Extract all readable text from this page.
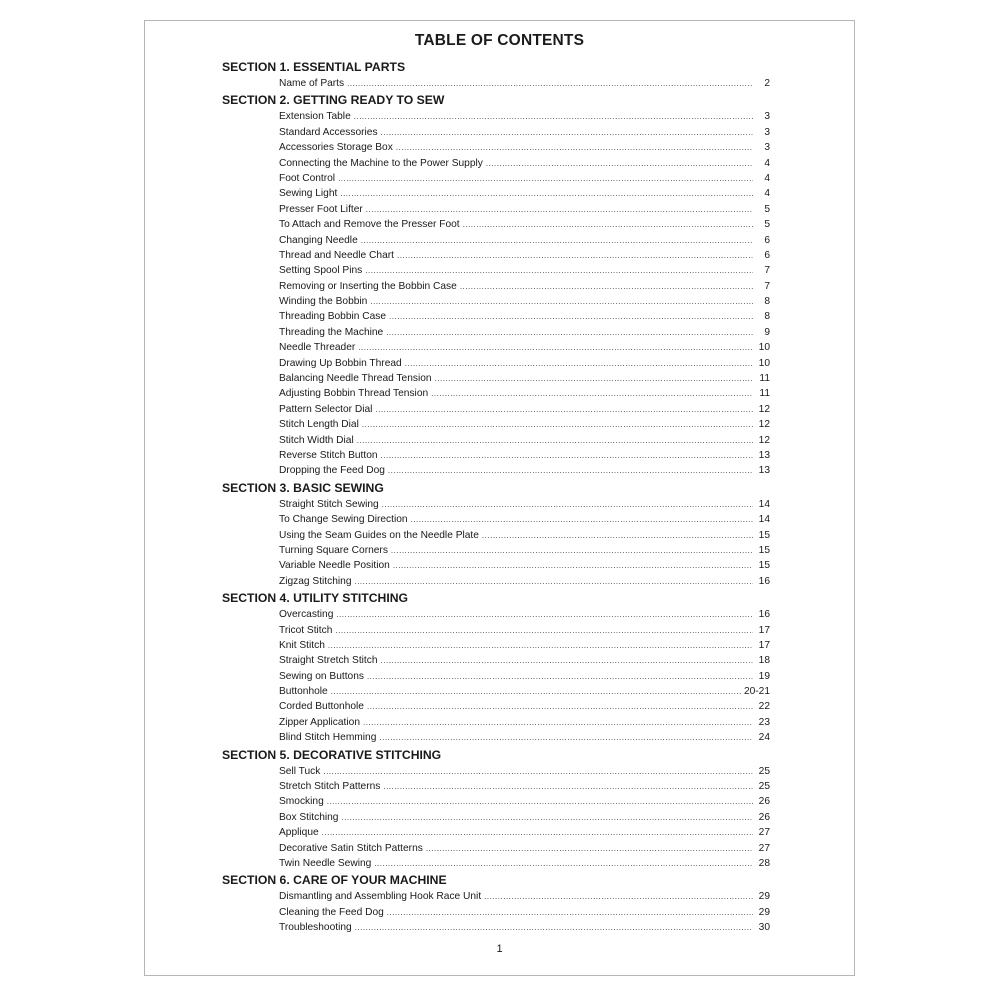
TABLE OF CONTENTS
SECTION 1. ESSENTIAL PARTS
Name of Parts .....	2
SECTION 2. GETTING READY TO SEW
Extension Table .....	3
Standard Accessories .....	3
Accessories Storage Box .....	3
Connecting the Machine to the Power Supply .....	4
Foot Control .....	4
Sewing Light .....	4
Presser Foot Lifter .....	5
To Attach and Remove the Presser Foot .....	5
Changing Needle .....	6
Thread and Needle Chart .....	6
Setting Spool Pins .....	7
Removing or Inserting the Bobbin Case .....	7
Winding the Bobbin .....	8
Threading Bobbin Case .....	8
Threading the Machine .....	9
Needle Threader .....	10
Drawing Up Bobbin Thread .....	10
Balancing Needle Thread Tension .....	11
Adjusting Bobbin Thread Tension .....	11
Pattern Selector Dial .....	12
Stitch Length Dial .....	12
Stitch Width Dial .....	12
Reverse Stitch Button .....	13
Dropping the Feed Dog .....	13
SECTION 3. BASIC SEWING
Straight Stitch Sewing .....	14
To Change Sewing Direction .....	14
Using the Seam Guides on the Needle Plate .....	15
Turning Square Corners .....	15
Variable Needle Position .....	15
Zigzag Stitching .....	16
SECTION 4. UTILITY STITCHING
Overcasting .....	16
Tricot Stitch .....	17
Knit Stitch .....	17
Straight Stretch Stitch .....	18
Sewing on Buttons .....	19
Buttonhole .....	20-21
Corded Buttonhole .....	22
Zipper Application .....	23
Blind Stitch Hemming .....	24
SECTION 5. DECORATIVE STITCHING
Sell Tuck .....	25
Stretch Stitch Patterns .....	25
Smocking .....	26
Box Stitching .....	26
Applique .....	27
Decorative Satin Stitch Patterns .....	27
Twin Needle Sewing .....	28
SECTION 6. CARE OF YOUR MACHINE
Dismantling and Assembling Hook Race Unit .....	29
Cleaning the Feed Dog .....	29
Troubleshooting .....	30
1
